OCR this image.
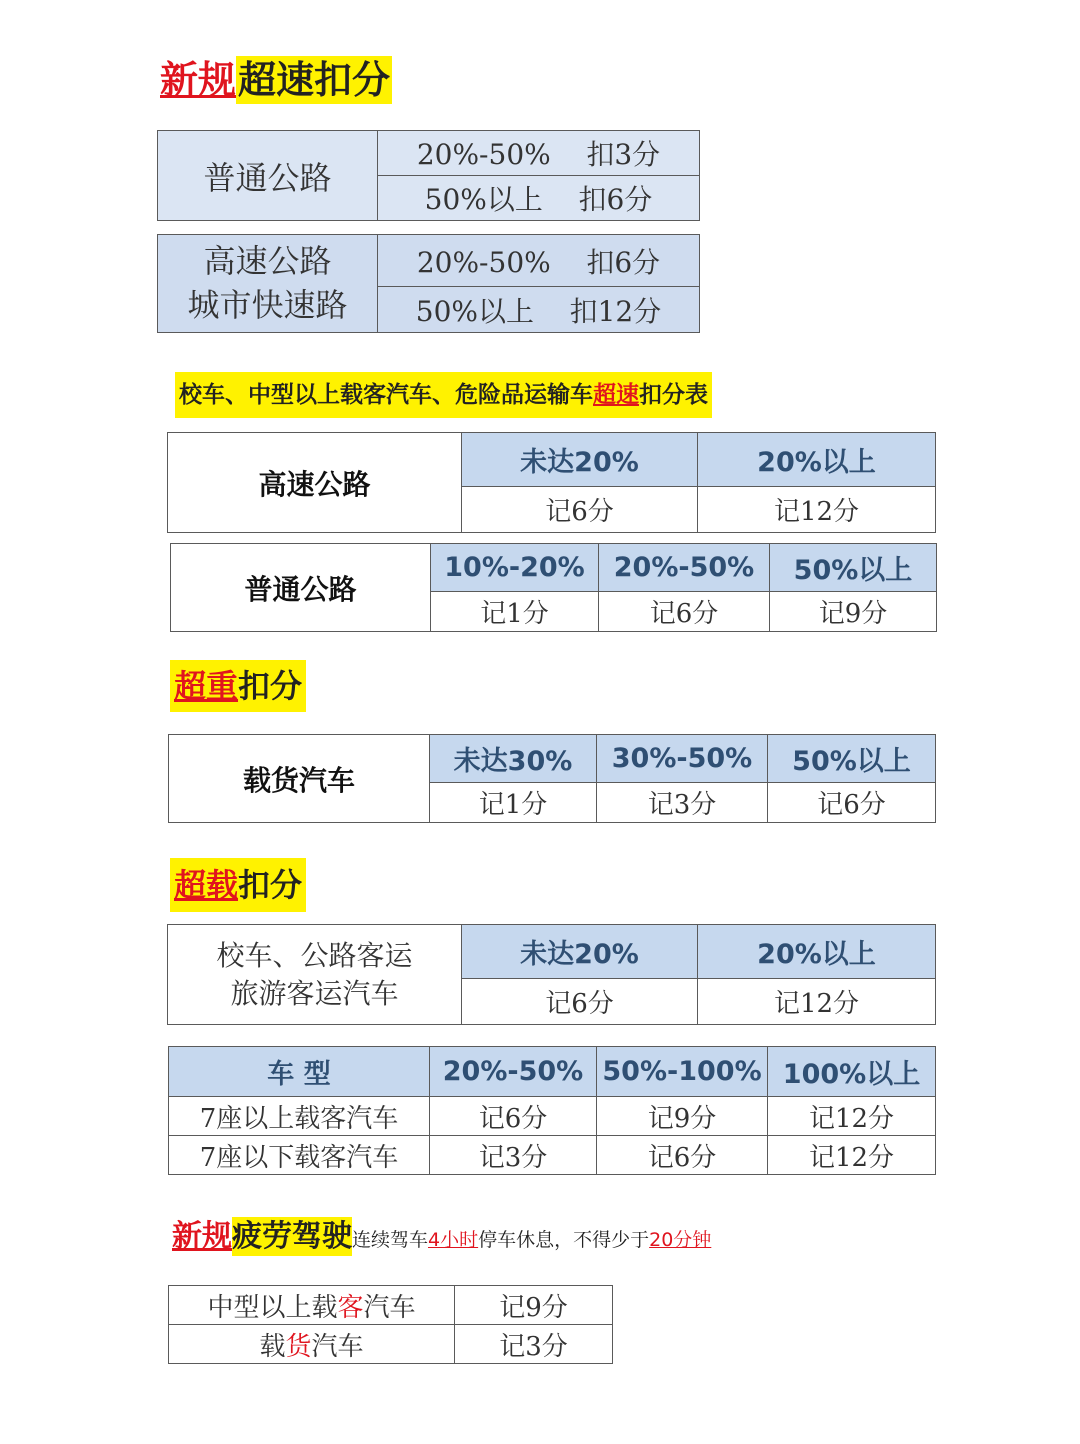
新规超速扣分
普通公路	20%-50% 扣3分
50%以上 扣6分
高速公路
城市快速路
	20%-50% 扣6分
50%以上 扣12分
校车、中型以上载客汽车、危险品运输车超速扣分表
高速公路	未达20%	20%以上
	记6分	记12分
普通公路	10%-20%	20%-50%	50%以上
	记1分	记6分	记9分
超重扣分
载货汽车	未达30%	30%-50%	50%以上
	记1分	记3分	记6分
超载扣分
校车、公路客运
旅游客运汽车	未达20%	20%以上
	记6分	记12分
车 型	20%-50%	50%-100%	100%以上
7座以上载客汽车	记6分	记9分	记12分
7座以下载客汽车	记3分	记6分	记12分
新规疲劳驾驶连续驾车4小时停车休息，不得少于20分钟
中型以上载客汽车	记9分
载货汽车	记3分
